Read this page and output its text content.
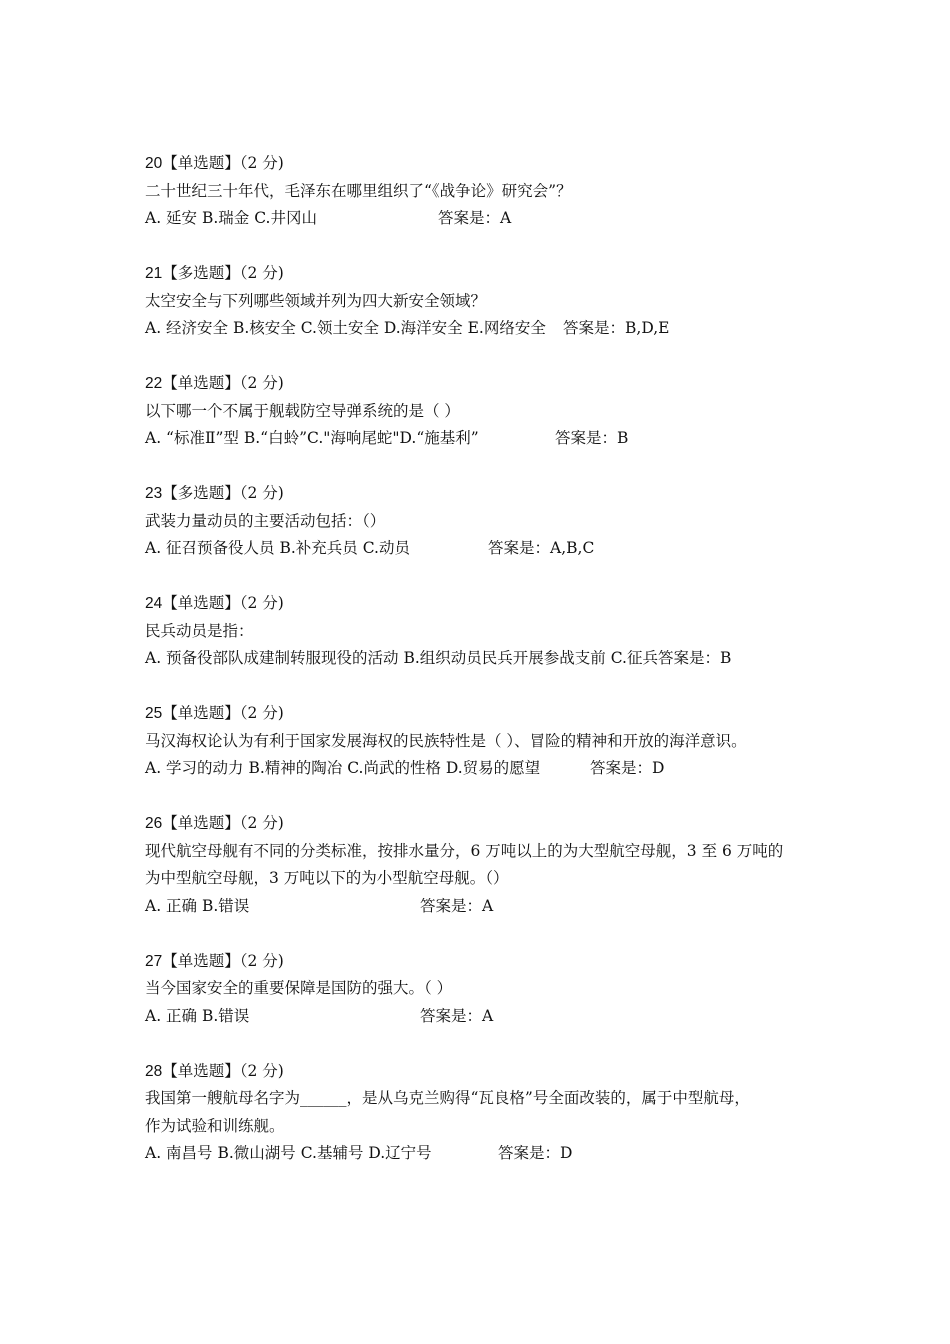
20【单选题】（2 分)
二十世纪三十年代，毛泽东在哪里组织了“《战争论》研究会”？
A. 延安 B.瑞金 C.井冈山	答案是：A
21【多选题】（2 分)
太空安全与下列哪些领域并列为四大新安全领域？
A. 经济安全 B.核安全 C.领土安全 D.海洋安全 E.网络安全 答案是：B,D,E
22【单选题】（2 分)
以下哪一个不属于舰载防空导弹系统的是（ ）
A. “标准Ⅱ”型 B.“白蛉”C."海响尾蛇"D.“施基利”	答案是：B
23【多选题】（2 分)
武装力量动员的主要活动包括：（）
A. 征召预备役人员 B.补充兵员 C.动员	答案是：A,B,C
24【单选题】（2 分)
民兵动员是指：
A. 预备役部队成建制转服现役的活动 B.组织动员民兵开展参战支前 C.征兵答案是：B
25【单选题】（2 分)
马汉海权论认为有利于国家发展海权的民族特性是（ ）、冒险的精神和开放的海洋意识。
A. 学习的动力 B.精神的陶冶 C.尚武的性格 D.贸易的愿望	答案是：D
26【单选题】（2 分)
现代航空母舰有不同的分类标准，按排水量分，6 万吨以上的为大型航空母舰，3 至 6 万吨的
为中型航空母舰，3 万吨以下的为小型航空母舰。（）
A. 正确 B.错误	答案是：A
27【单选题】（2 分)
当今国家安全的重要保障是国防的强大。（ ）
A. 正确 B.错误	答案是：A
28【单选题】（2 分)
我国第一艘航母名字为______，是从乌克兰购得“瓦良格”号全面改装的，属于中型航母，
作为试验和训练舰。
A. 南昌号 B.微山湖号 C.基辅号 D.辽宁号	答案是：D
